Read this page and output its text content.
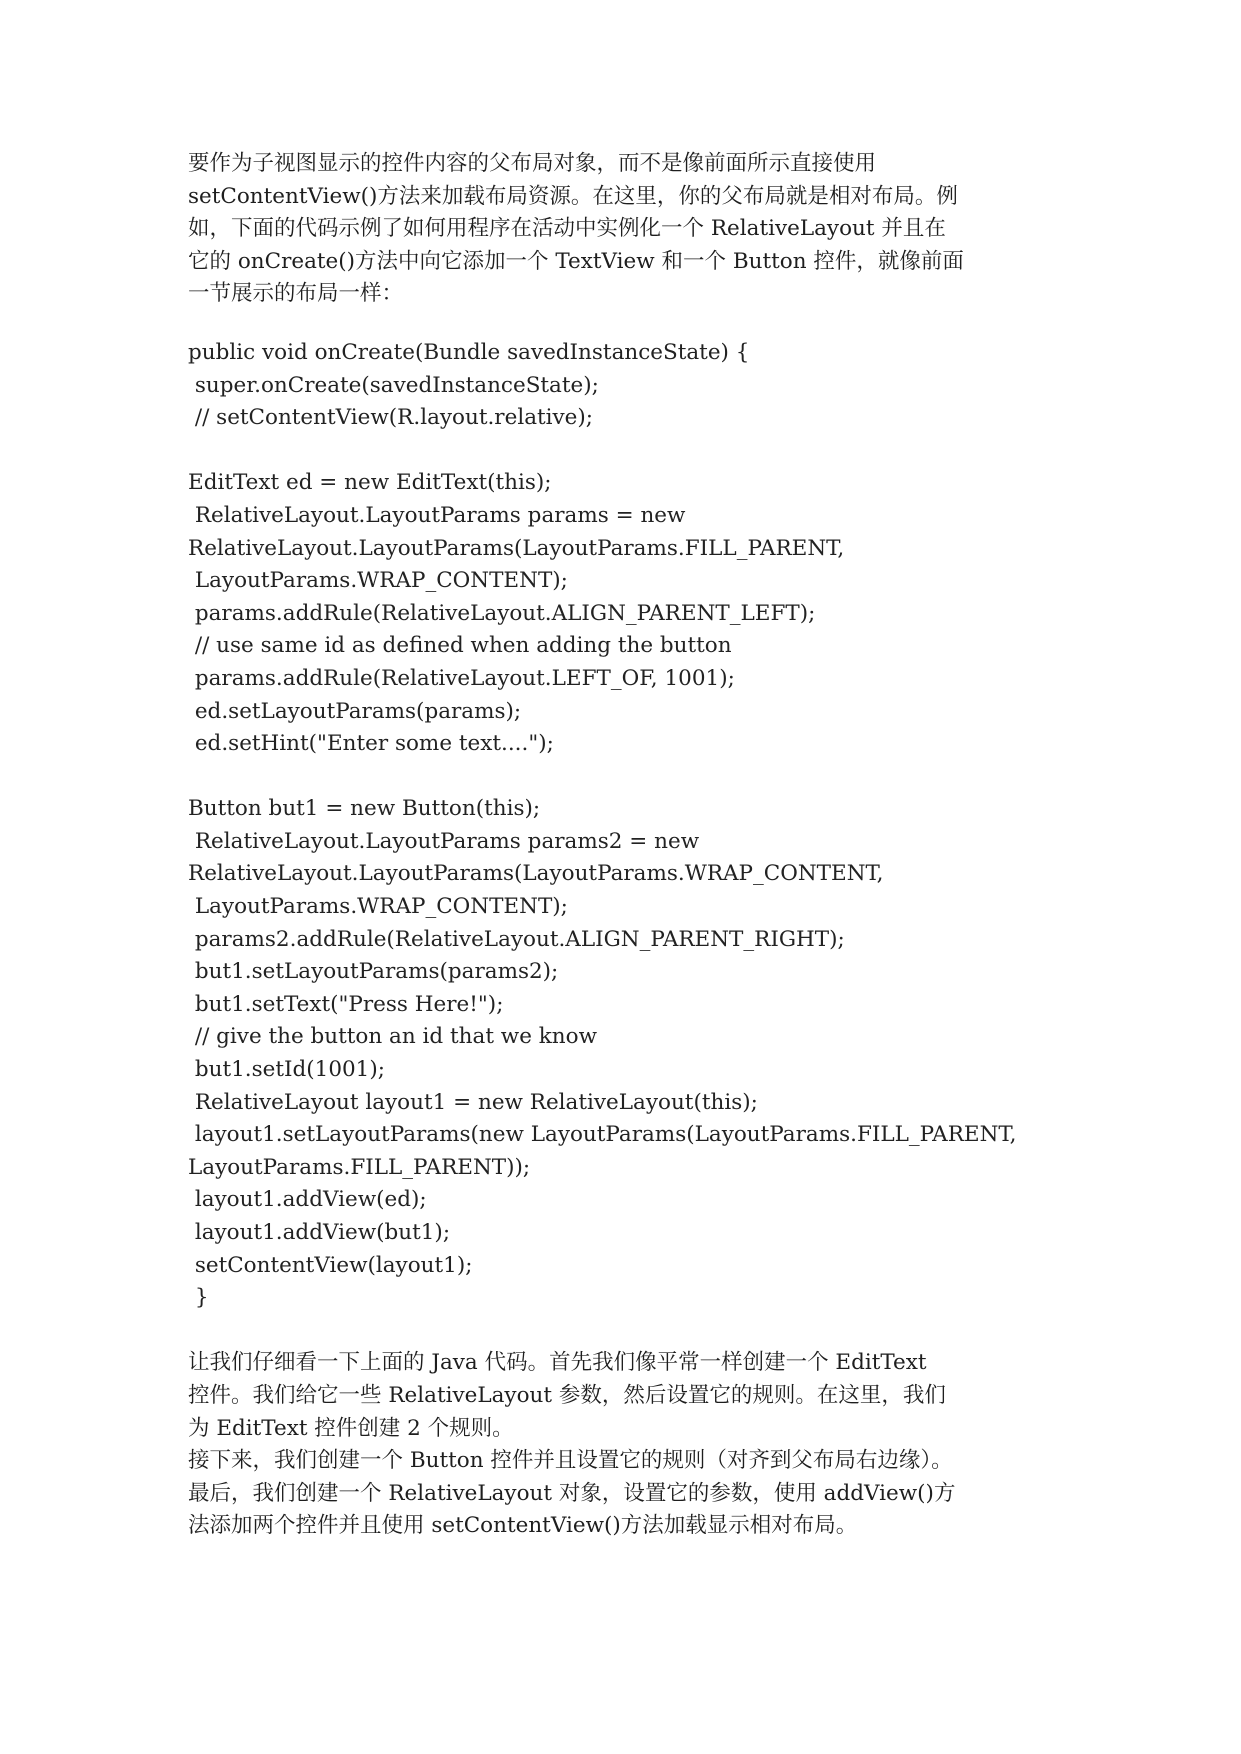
要作为子视图显示的控件内容的父布局对象，而不是像前面所示直接使用
setContentView()方法来加载布局资源。在这里，你的父布局就是相对布局。例
如，下面的代码示例了如何用程序在活动中实例化一个 RelativeLayout 并且在
它的 onCreate()方法中向它添加一个 TextView 和一个 Button 控件，就像前面
一节展示的布局一样：
public void onCreate(Bundle savedInstanceState) {
super.onCreate(savedInstanceState);
// setContentView(R.layout.relative);
EditText ed = new EditText(this);
RelativeLayout.LayoutParams params = new
RelativeLayout.LayoutParams(LayoutParams.FILL_PARENT,
LayoutParams.WRAP_CONTENT);
params.addRule(RelativeLayout.ALIGN_PARENT_LEFT);
// use same id as defined when adding the button
params.addRule(RelativeLayout.LEFT_OF, 1001);
ed.setLayoutParams(params);
ed.setHint("Enter some text....");
Button but1 = new Button(this);
RelativeLayout.LayoutParams params2 = new
RelativeLayout.LayoutParams(LayoutParams.WRAP_CONTENT,
LayoutParams.WRAP_CONTENT);
params2.addRule(RelativeLayout.ALIGN_PARENT_RIGHT);
but1.setLayoutParams(params2);
but1.setText("Press Here!");
// give the button an id that we know
but1.setId(1001);
RelativeLayout layout1 = new RelativeLayout(this);
layout1.setLayoutParams(new LayoutParams(LayoutParams.FILL_PARENT,
LayoutParams.FILL_PARENT));
layout1.addView(ed);
layout1.addView(but1);
setContentView(layout1);
}
让我们仔细看一下上面的 Java 代码。首先我们像平常一样创建一个 EditText
控件。我们给它一些 RelativeLayout 参数，然后设置它的规则。在这里，我们
为 EditText 控件创建 2 个规则。
接下来，我们创建一个 Button 控件并且设置它的规则（对齐到父布局右边缘）。
最后，我们创建一个 RelativeLayout 对象，设置它的参数，使用 addView()方
法添加两个控件并且使用 setContentView()方法加载显示相对布局。
